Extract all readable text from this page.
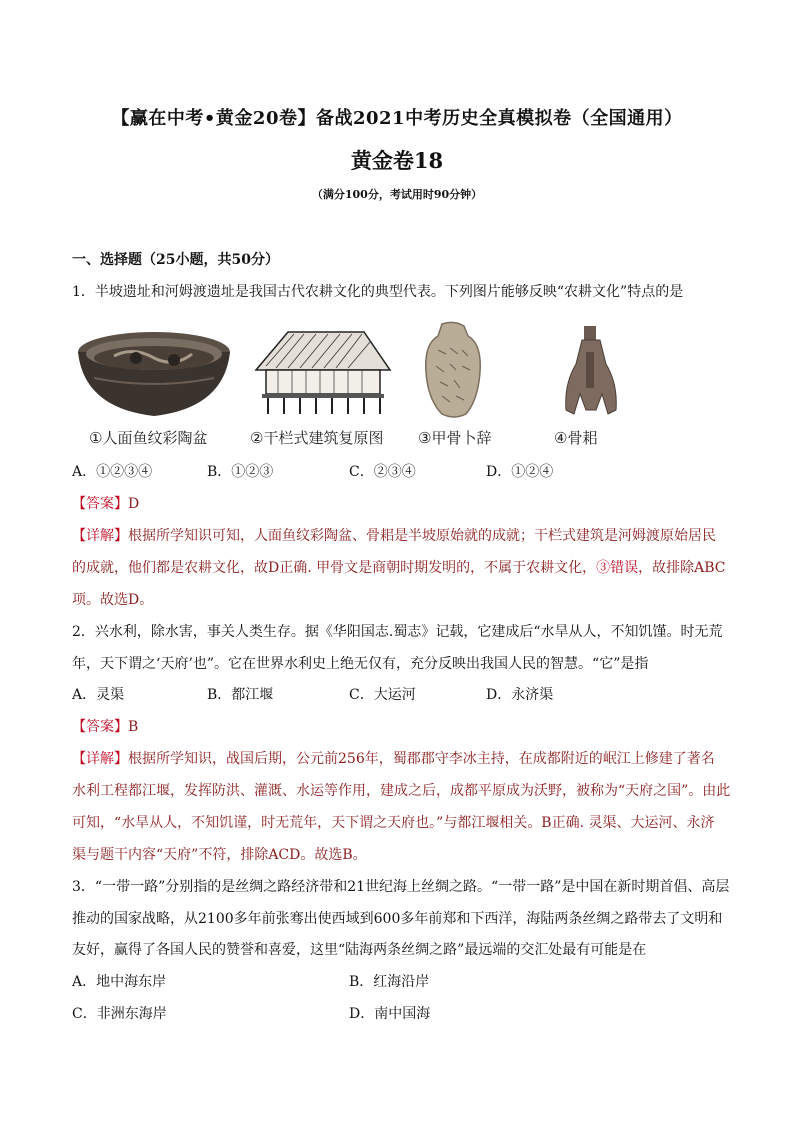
【赢在中考•黄金20卷】备战2021中考历史全真模拟卷（全国通用）
黄金卷18
（满分100分，考试用时90分钟）
一、选择题（25小题，共50分）
1．半坡遗址和河姆渡遗址是我国古代农耕文化的典型代表。下列图片能够反映“农耕文化”特点的是
①人面鱼纹彩陶盆	②干栏式建筑复原图 ③甲骨卜辞	④骨耜
A．①②③④	B．①②③	C．②③④	D．①②④
【答案】D
【详解】根据所学知识可知，人面鱼纹彩陶盆、骨耜是半坡原始就的成就；干栏式建筑是河姆渡原始居民
的成就，他们都是农耕文化，故D正确. 甲骨文是商朝时期发明的，不属于农耕文化，③错误，故排除ABC
项。故选D。
2．兴水利，除水害，事关人类生存。据《华阳国志.蜀志》记载，它建成后“水旱从人，不知饥馑。时无荒
年，天下谓之‘天府’也”。它在世界水利史上绝无仅有，充分反映出我国人民的智慧。“它”是指
A．灵渠	B．都江堰	C．大运河	D．永济渠
【答案】B
【详解】根据所学知识，战国后期，公元前256年，蜀郡郡守李冰主持，在成都附近的岷江上修建了著名
水利工程都江堰，发挥防洪、灌溉、水运等作用，建成之后，成都平原成为沃野，被称为“天府之国”。由此
可知，“水旱从人，不知饥谨，时无荒年，天下谓之天府也。”与都江堰相关。B正确. 灵渠、大运河、永济
渠与题干内容“天府”不符，排除ACD。故选B。
3．“一带一路”分别指的是丝绸之路经济带和21世纪海上丝绸之路。“一带一路”是中国在新时期首倡、高层
推动的国家战略，从2100多年前张骞出使西域到600多年前郑和下西洋，海陆两条丝绸之路带去了文明和
友好，赢得了各国人民的赞誉和喜爱，这里“陆海两条丝绸之路”最远端的交汇处最有可能是在
A．地中海东岸	B．红海沿岸
C．非洲东海岸	D．南中国海
